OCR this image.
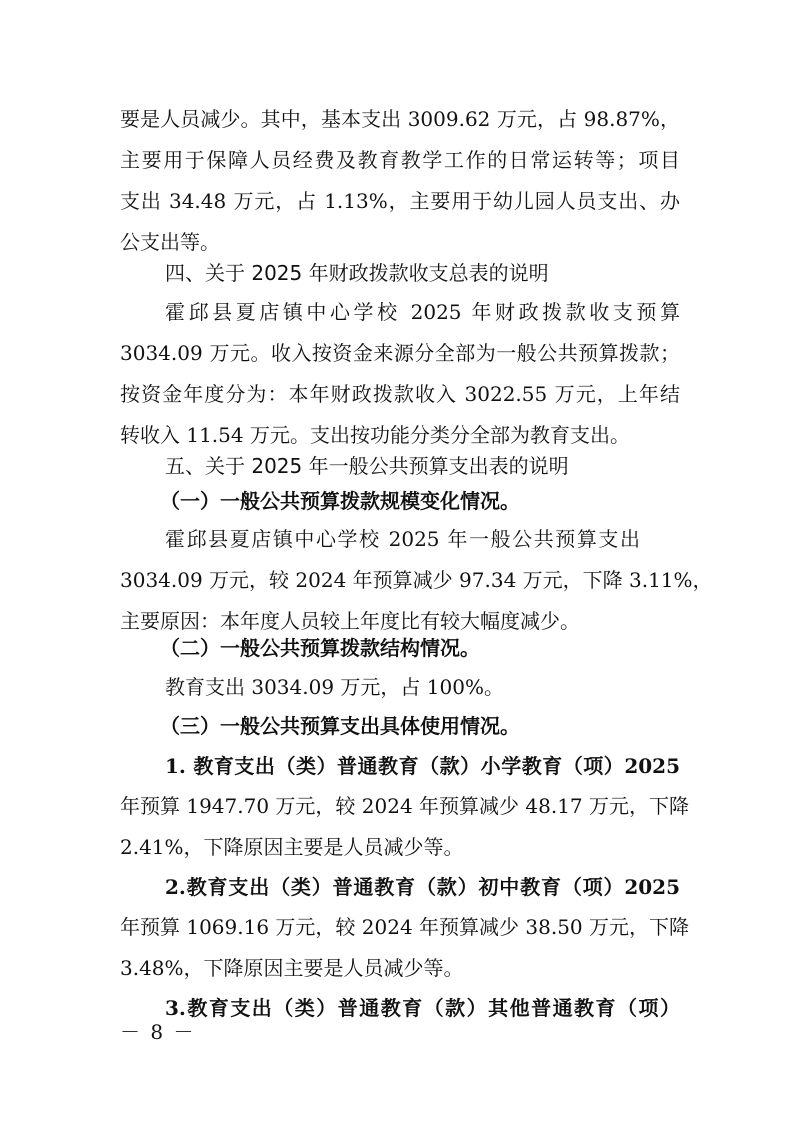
要是人员减少。其中，基本支出 3009.62 万元，占 98.87%，
主要用于保障人员经费及教育教学工作的日常运转等；项目
支出 34.48 万元，占 1.13%，主要用于幼儿园人员支出、办
公支出等。
四、关于 2025 年财政拨款收支总表的说明
霍邱县夏店镇中心学校 2025 年财政拨款收支预算
3034.09 万元。收入按资金来源分全部为一般公共预算拨款；
按资金年度分为：本年财政拨款收入 3022.55 万元，上年结
转收入 11.54 万元。支出按功能分类分全部为教育支出。
五、关于 2025 年一般公共预算支出表的说明
（一）一般公共预算拨款规模变化情况。
霍邱县夏店镇中心学校 2025 年一般公共预算支出
3034.09 万元，较 2024 年预算减少 97.34 万元，下降 3.11%，
主要原因：本年度人员较上年度比有较大幅度减少。
（二）一般公共预算拨款结构情况。
教育支出 3034.09 万元，占 100%。
（三）一般公共预算支出具体使用情况。
1. 教育支出（类）普通教育（款）小学教育（项）2025
年预算 1947.70 万元，较 2024 年预算减少 48.17 万元，下降
2.41%，下降原因主要是人员减少等。
2.教育支出（类）普通教育（款）初中教育（项）2025
年预算 1069.16 万元，较 2024 年预算减少 38.50 万元，下降
3.48%，下降原因主要是人员减少等。
3.教育支出（类）普通教育（款）其他普通教育（项）
－ 8 －
